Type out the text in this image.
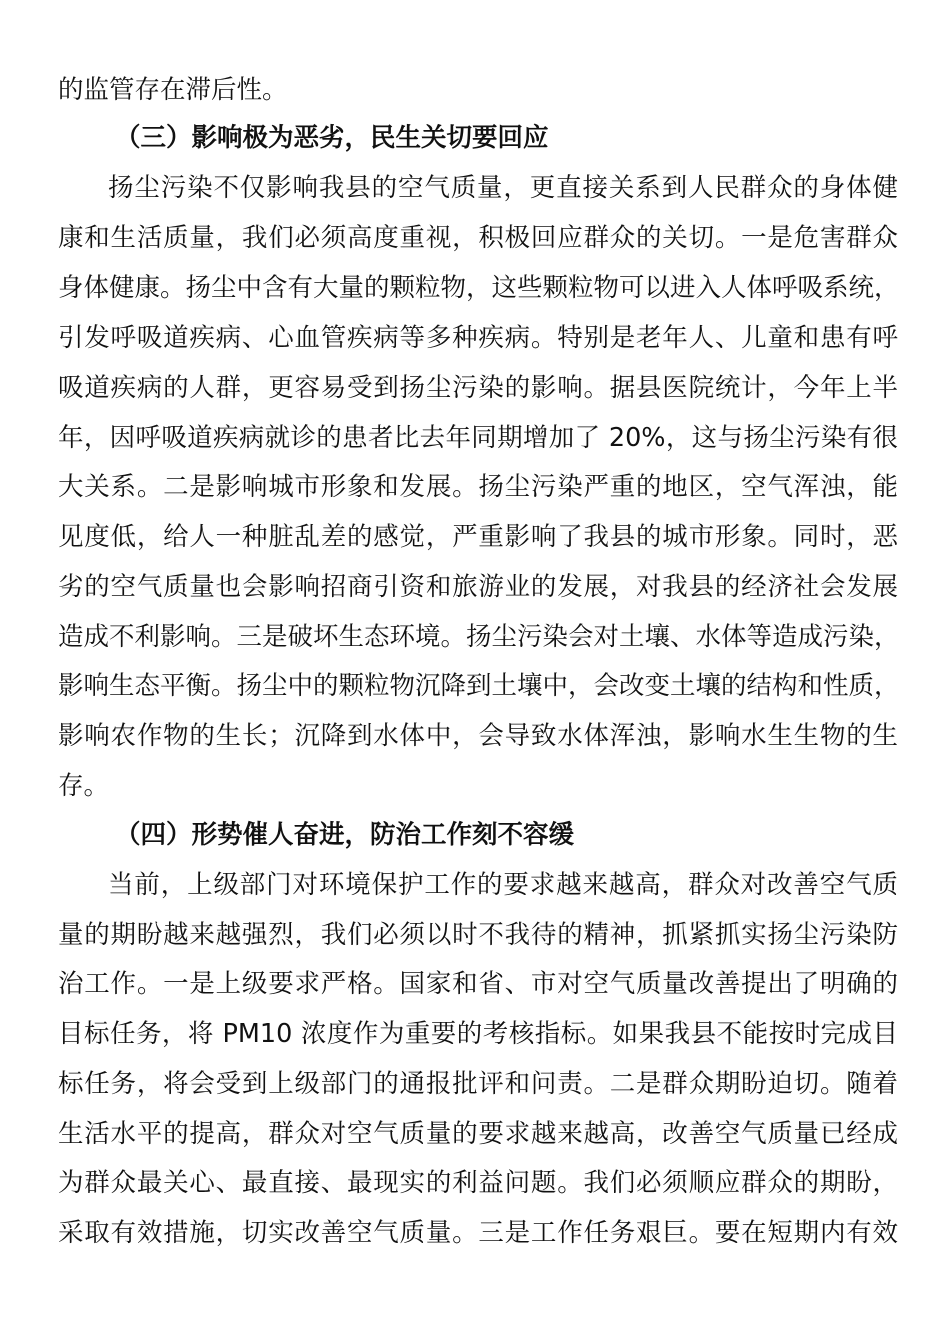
的监管存在滞后性。
（三）影响极为恶劣，民生关切要回应
扬尘污染不仅影响我县的空气质量，更直接关系到人民群众的身体健
康和生活质量，我们必须高度重视，积极回应群众的关切。一是危害群众
身体健康。扬尘中含有大量的颗粒物，这些颗粒物可以进入人体呼吸系统，
引发呼吸道疾病、心血管疾病等多种疾病。特别是老年人、儿童和患有呼
吸道疾病的人群，更容易受到扬尘污染的影响。据县医院统计，今年上半
年，因呼吸道疾病就诊的患者比去年同期增加了 20%，这与扬尘污染有很
大关系。二是影响城市形象和发展。扬尘污染严重的地区，空气浑浊，能
见度低，给人一种脏乱差的感觉，严重影响了我县的城市形象。同时，恶
劣的空气质量也会影响招商引资和旅游业的发展，对我县的经济社会发展
造成不利影响。三是破坏生态环境。扬尘污染会对土壤、水体等造成污染，
影响生态平衡。扬尘中的颗粒物沉降到土壤中，会改变土壤的结构和性质，
影响农作物的生长；沉降到水体中，会导致水体浑浊，影响水生生物的生
存。
（四）形势催人奋进，防治工作刻不容缓
当前，上级部门对环境保护工作的要求越来越高，群众对改善空气质
量的期盼越来越强烈，我们必须以时不我待的精神，抓紧抓实扬尘污染防
治工作。一是上级要求严格。国家和省、市对空气质量改善提出了明确的
目标任务，将 PM10 浓度作为重要的考核指标。如果我县不能按时完成目
标任务，将会受到上级部门的通报批评和问责。二是群众期盼迫切。随着
生活水平的提高，群众对空气质量的要求越来越高，改善空气质量已经成
为群众最关心、最直接、最现实的利益问题。我们必须顺应群众的期盼，
采取有效措施，切实改善空气质量。三是工作任务艰巨。要在短期内有效
